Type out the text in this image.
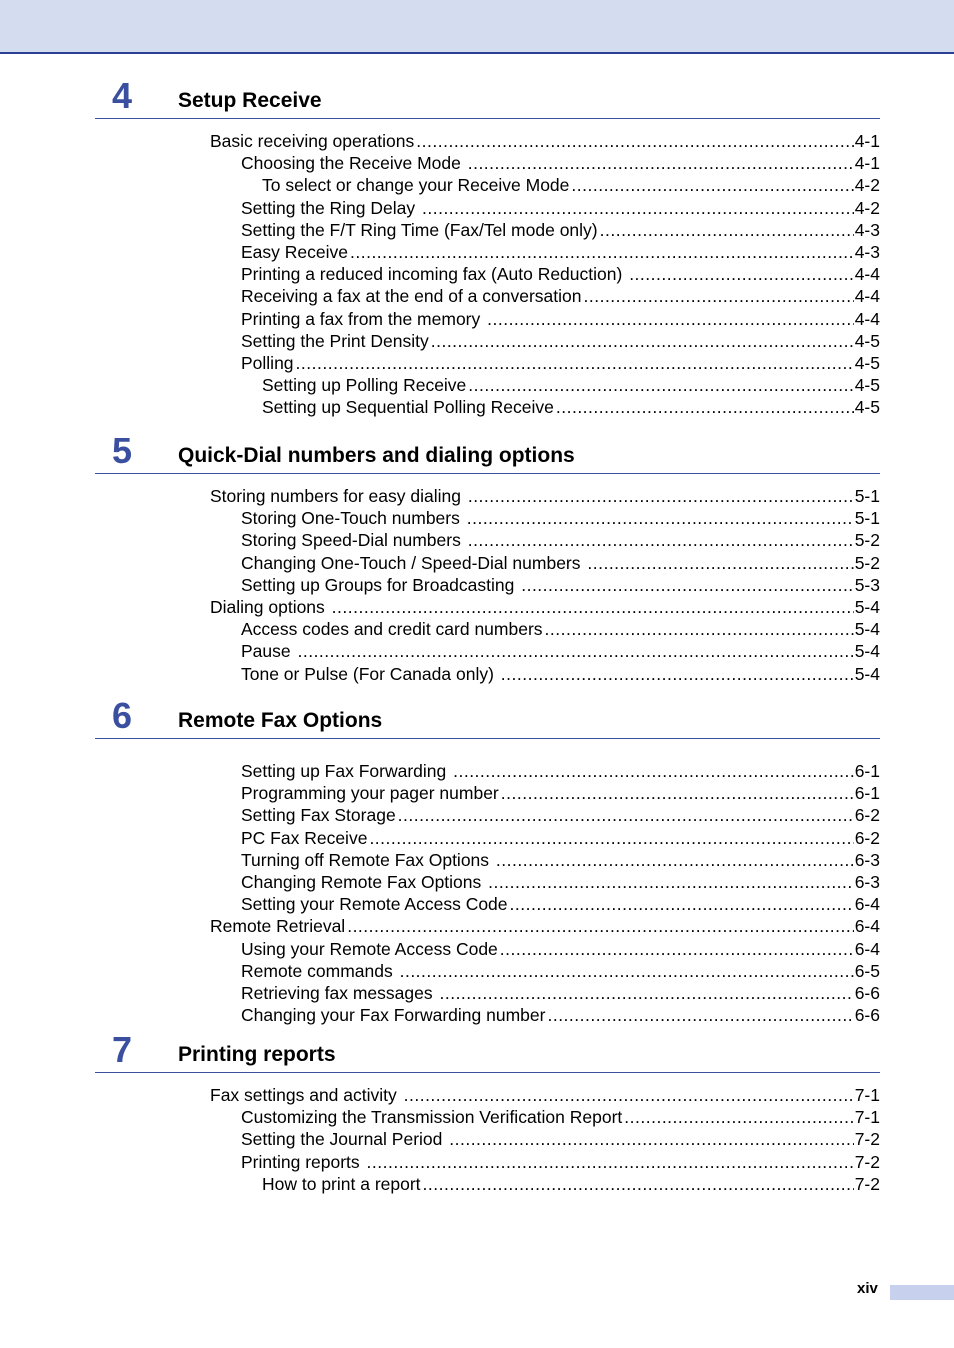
4 Setup Receive
Basic receiving operations .....	4-1
Choosing the Receive Mode .....	4-1
To select or change your Receive Mode .....	4-2
Setting the Ring Delay .....	4-2
Setting the F/T Ring Time (Fax/Tel mode only) .....	4-3
Easy Receive .....	4-3
Printing a reduced incoming fax (Auto Reduction) .....	4-4
Receiving a fax at the end of a conversation .....	4-4
Printing a fax from the memory .....	4-4
Setting the Print Density .....	4-5
Polling .....	4-5
Setting up Polling Receive .....	4-5
Setting up Sequential Polling Receive .....	4-5
5 Quick-Dial numbers and dialing options
Storing numbers for easy dialing .....	5-1
Storing One-Touch numbers .....	5-1
Storing Speed-Dial numbers .....	5-2
Changing One-Touch / Speed-Dial numbers .....	5-2
Setting up Groups for Broadcasting .....	5-3
Dialing options .....	5-4
Access codes and credit card numbers .....	5-4
Pause .....	5-4
Tone or Pulse (For Canada only) .....	5-4
6 Remote Fax Options
Setting up Fax Forwarding .....	6-1
Programming your pager number .....	6-1
Setting Fax Storage .....	6-2
PC Fax Receive .....	6-2
Turning off Remote Fax Options .....	6-3
Changing Remote Fax Options .....	6-3
Setting your Remote Access Code .....	6-4
Remote Retrieval .....	6-4
Using your Remote Access Code .....	6-4
Remote commands .....	6-5
Retrieving fax messages .....	6-6
Changing your Fax Forwarding number .....	6-6
7 Printing reports
Fax settings and activity .....	7-1
Customizing the Transmission Verification Report .....	7-1
Setting the Journal Period .....	7-2
Printing reports .....	7-2
How to print a report .....	7-2
xiv
